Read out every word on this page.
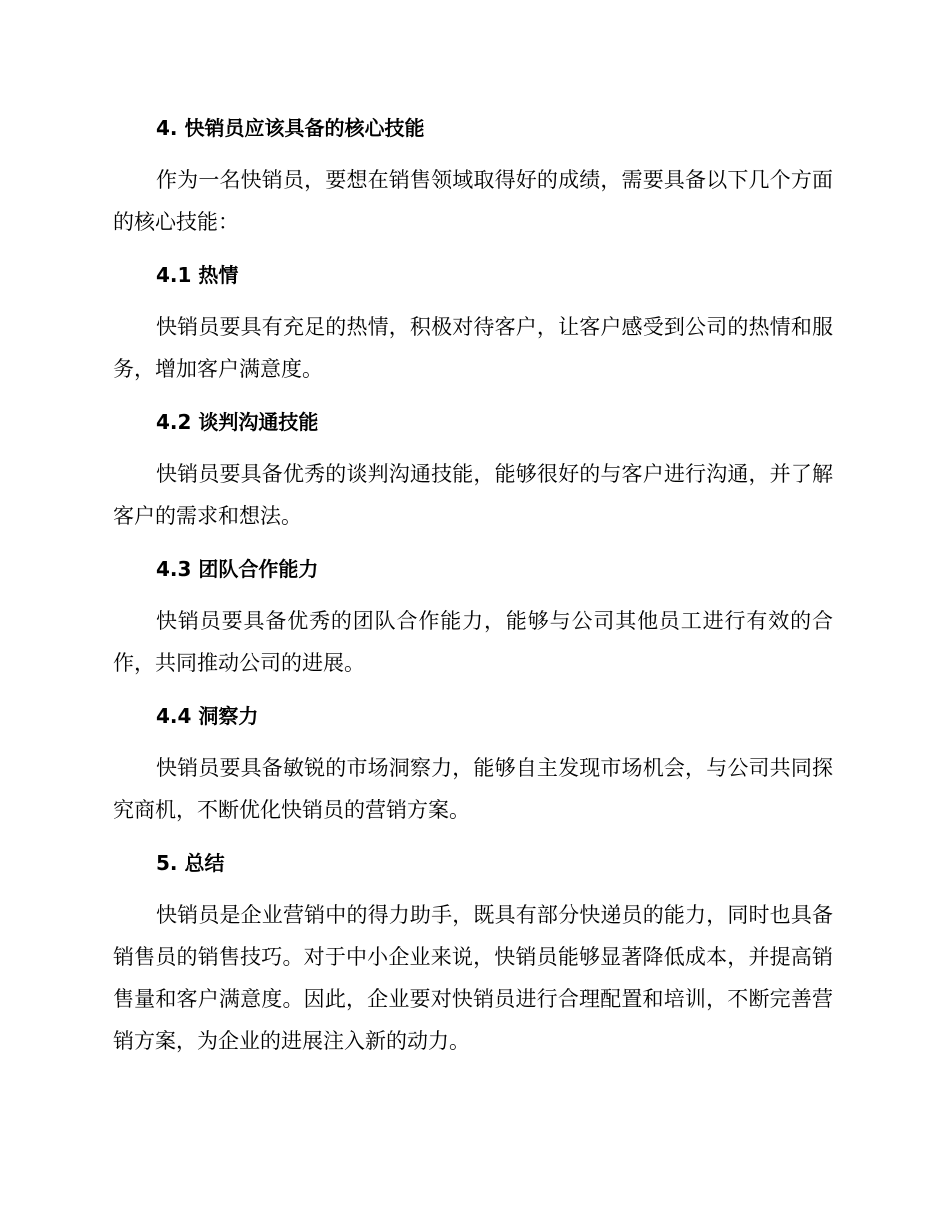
4. 快销员应该具备的核心技能

作为一名快销员，要想在销售领域取得好的成绩，需要具备以下几个方面的核心技能：

4.1 热情

快销员要具有充足的热情，积极对待客户，让客户感受到公司的热情和服务，增加客户满意度。

4.2 谈判沟通技能

快销员要具备优秀的谈判沟通技能，能够很好的与客户进行沟通，并了解客户的需求和想法。

4.3 团队合作能力

快销员要具备优秀的团队合作能力，能够与公司其他员工进行有效的合作，共同推动公司的进展。

4.4 洞察力

快销员要具备敏锐的市场洞察力，能够自主发现市场机会，与公司共同探究商机，不断优化快销员的营销方案。

5. 总结

快销员是企业营销中的得力助手，既具有部分快递员的能力，同时也具备销售员的销售技巧。对于中小企业来说，快销员能够显著降低成本，并提高销售量和客户满意度。因此，企业要对快销员进行合理配置和培训，不断完善营销方案，为企业的进展注入新的动力。
